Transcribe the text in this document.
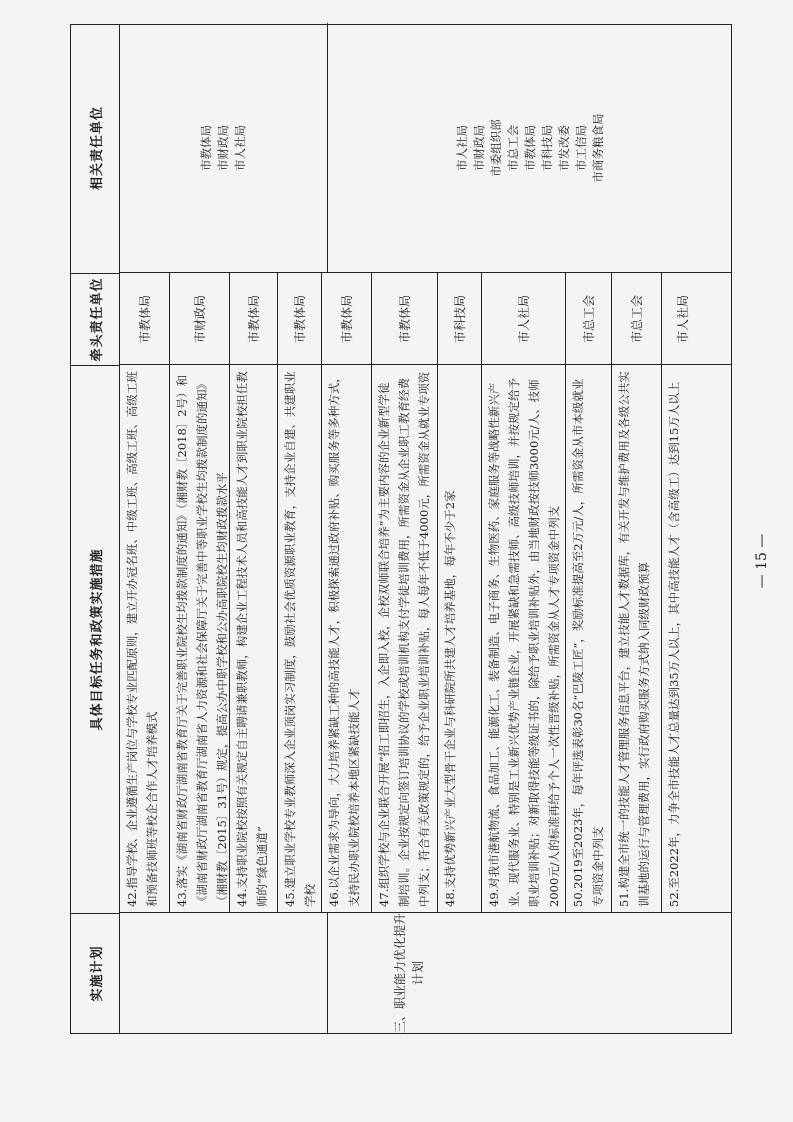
实施计划
具体目标任务和政策实施措施
牵头责任单位
相关责任单位
三、职业能力优化提升计划
市教体局 市财政局 市人社局	市人社局 市财政局 市委组织部 市总工会 市教体局 市科技局 市发改委 市工信局 市商务粮食局
42.指导学校、企业遵循生产岗位与学校专业匹配原则，建立开办冠名班、中级工班、高级工班、高级工班和预备技师班等校企合作人才培养模式
市教体局
43.落实《湖南省财政厅湖南省教育厅关于完善职业院校生均拨款制度的通知》（湘财教〔2018〕2号）和《湖南省财政厅湖南省教育厅湖南省人力资源和社会保障厅关于完善中等职业学校生均拨款制度的通知》（湘财教〔2015〕31号）规定，提高公办中职学校和公办高职院校生均财政拨款水平
市财政局
44.支持职业院校按照有关规定自主聘请兼职教师，构建企业工程技术人员和高技能人才到职业院校担任教师的“绿色通道”
市教体局
45.建立职业学校专业教师深入企业顶岗实习制度，鼓励社会优质资源职业教育，支持企业自建、共建职业学校
市教体局
46.以企业需求为导向，大力培养紧缺工种的高技能人才，积极探索通过政府补贴、购买服务等多种方式，支持民办职业院校培养本地区紧缺技能人才
市教体局
47.组织学校与企业联合开展“招工即招生，入企即入校，企校双师联合培养”为主要内容的企业新型学徒制培训。企业按规定向签订培训协议的学校或培训机构支付学徒培训费用，所需资金从企业职工教育经费中列支；符合有关政策规定的，给予企业职业培训补贴，每人每年不低于4000元，所需资金从就业专项资
市教体局
48.支持优势新兴产业大型骨干企业与科研院所共建人才培养基地，每年不少于2家
市科技局
49.对我市港航物流、食品加工、能源化工、装备制造、电子商务、生物医药、家庭服务等战略性新兴产业、现代服务业、特别是工业新兴优势产业链企业，开展紧缺和急需技师、高级技师培训，并按规定给予职业培训补贴；对新取得技能等级证书的，除给予职业培训补贴外，由当地财政按技师3000元/人、技师2000元/人的标准再给予个人一次性晋级补贴，所需资金从人才专项资金中列支
市人社局
50.2019至2023年，每年评选表彰30名“巴陵工匠”，奖励标准提高至2万元/人，所需资金从市本级就业专项资金中列支
市总工会
51.构建全市统一的技能人才管理服务信息平台，建立技能人才数据库，有关开发与维护费用及各级公共实训基地的运行与管理费用，实行政府购买服务方式纳入同级财政预算
市总工会
52.至2022年，力争全市技能人才总量达到35万人以上，其中高技能人才（含高级工）达到15万人以上
市人社局
— 15 —
